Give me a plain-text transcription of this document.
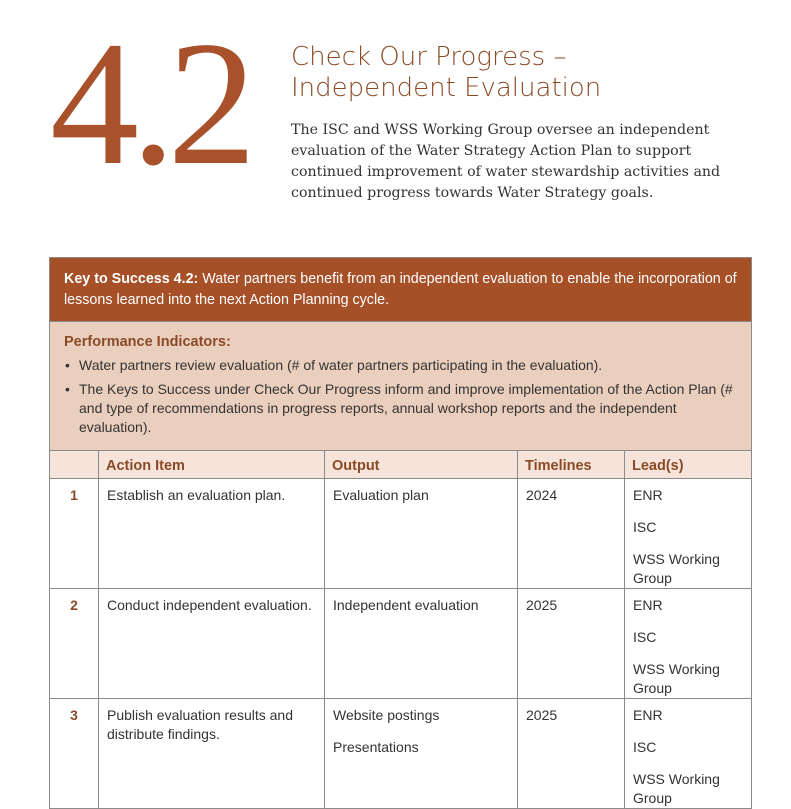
4.2 Check Our Progress –
Independent Evaluation
The ISC and WSS Working Group oversee an independent evaluation of the Water Strategy Action Plan to support continued improvement of water stewardship activities and continued progress towards Water Strategy goals.
Key to Success 4.2: Water partners benefit from an independent evaluation to enable the incorporation of lessons learned into the next Action Planning cycle.
Performance Indicators:
• Water partners review evaluation (# of water partners participating in the evaluation).
• The Keys to Success under Check Our Progress inform and improve implementation of the Action Plan (# and type of recommendations in progress reports, annual workshop reports and the independent evaluation).
	Action Item	Output	Timelines	Lead(s)
1	Establish an evaluation plan.	Evaluation plan	2024	ENR
ISC
WSS Working Group

2	Conduct independent evaluation.	Independent evaluation	2025	ENR
ISC
WSS Working Group

3	Publish evaluation results and distribute findings.	Website postings
Presentations	2025	ENR
ISC
WSS Working Group
